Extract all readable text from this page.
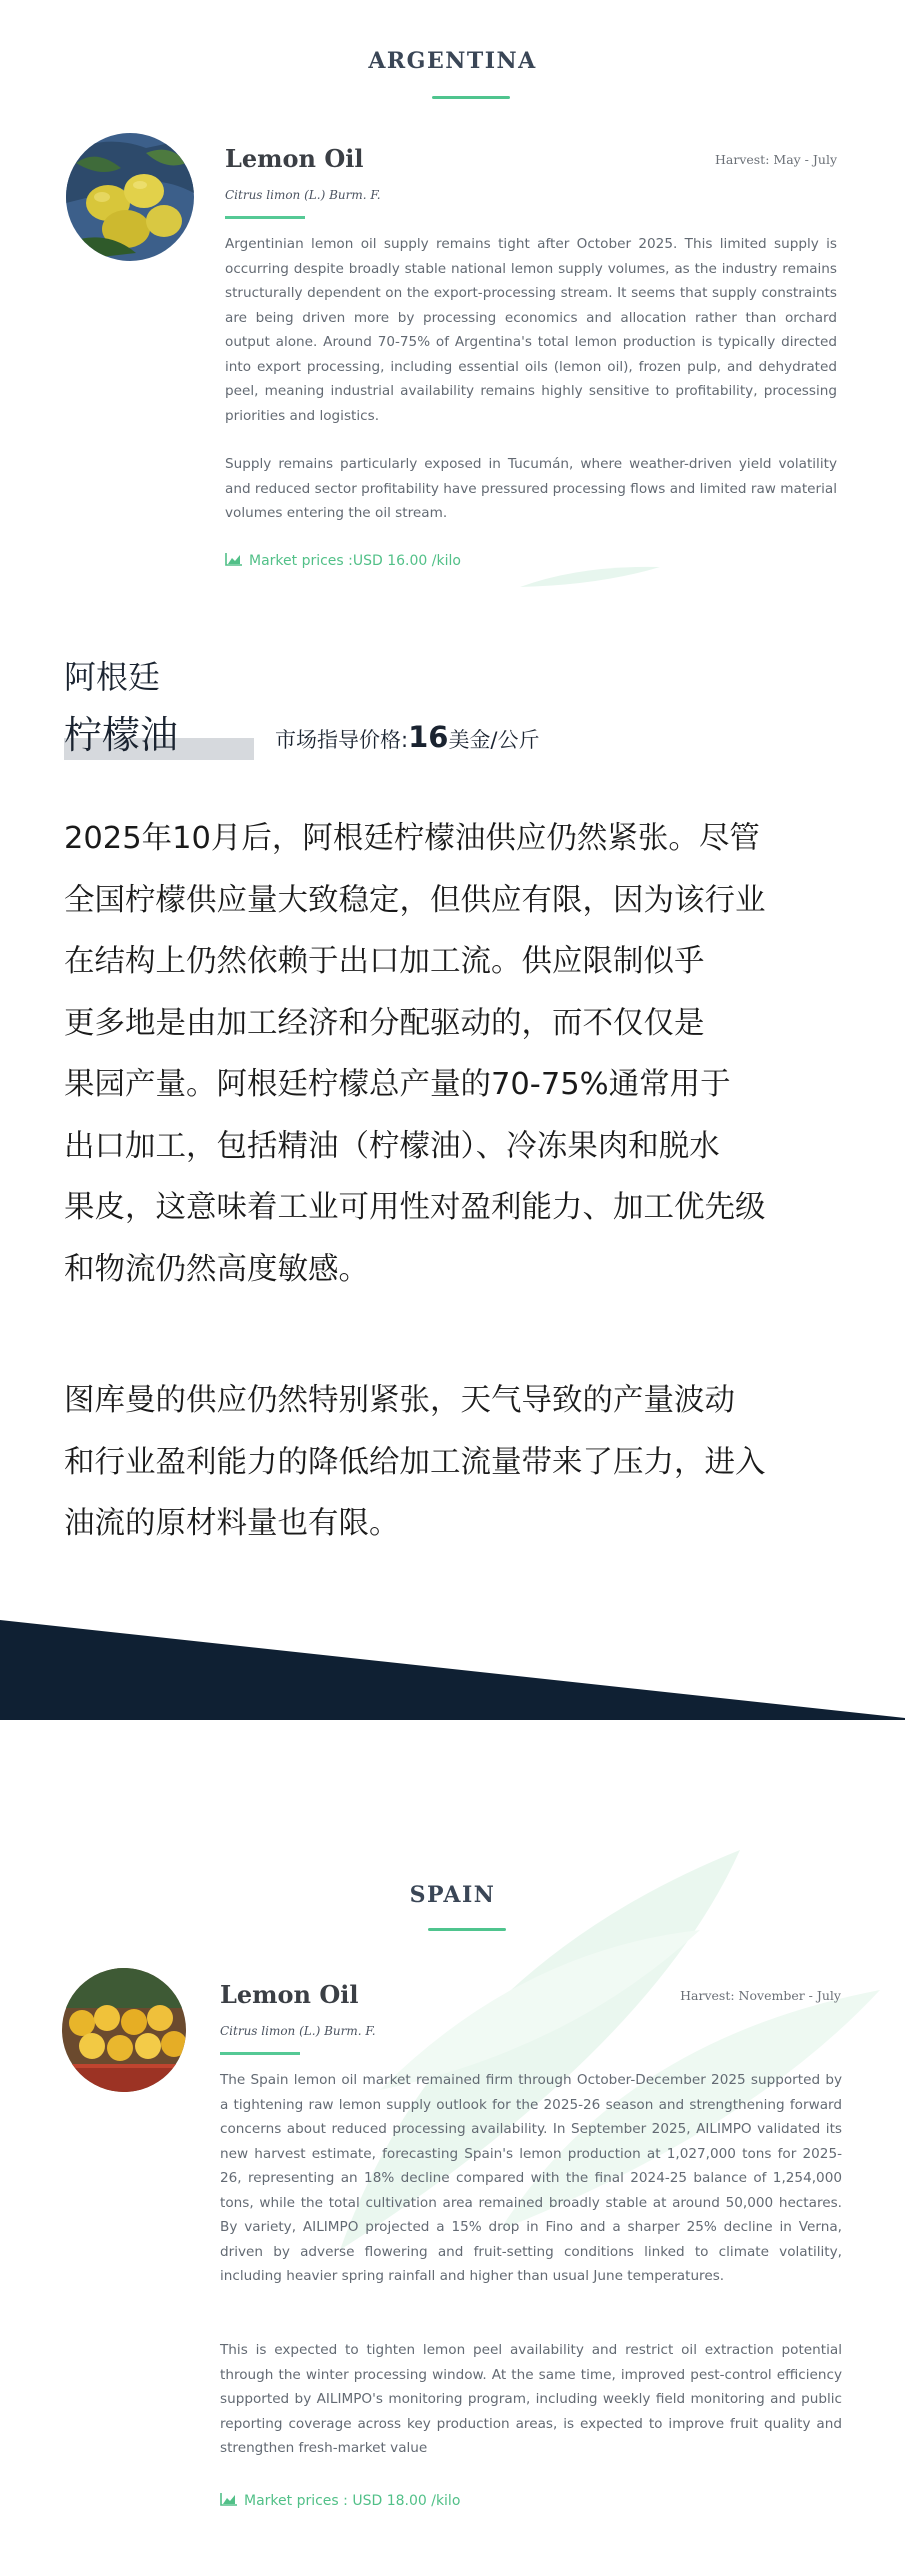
ARGENTINA
Lemon Oil	Harvest: May - July
Citrus limon (L.) Burm. F.
Argentinian lemon oil supply remains tight after October 2025. This limited supply is occurring despite broadly stable national lemon supply volumes, as the industry remains structurally dependent on the export-processing stream. It seems that supply constraints are being driven more by processing economics and allocation rather than orchard output alone. Around 70-75% of Argentina's total lemon production is typically directed into export processing, including essential oils (lemon oil), frozen pulp, and dehydrated peel, meaning industrial availability remains highly sensitive to profitability, processing priorities and logistics.
Supply remains particularly exposed in Tucumán, where weather-driven yield volatility and reduced sector profitability have pressured processing flows and limited raw material volumes entering the oil stream.
Market prices :USD 16.00 /kilo
阿根廷
柠檬油	市场指导价格: 16 美金/公斤
2025年10月后，阿根廷柠檬油供应仍然紧张。尽管
全国柠檬供应量大致稳定，但供应有限，因为该行业
在结构上仍然依赖于出口加工流。供应限制似乎
更多地是由加工经济和分配驱动的，而不仅仅是
果园产量。阿根廷柠檬总产量的70-75%通常用于
出口加工，包括精油（柠檬油）、冷冻果肉和脱水
果皮，这意味着工业可用性对盈利能力、加工优先级
和物流仍然高度敏感。
图库曼的供应仍然特别紧张，天气导致的产量波动
和行业盈利能力的降低给加工流量带来了压力，进入
油流的原材料量也有限。
SPAIN
Lemon Oil	Harvest: November - July
Citrus limon (L.) Burm. F.
The Spain lemon oil market remained firm through October-December 2025 supported by a tightening raw lemon supply outlook for the 2025-26 season and strengthening forward concerns about reduced processing availability. In September 2025, AILIMPO validated its new harvest estimate, forecasting Spain's lemon production at 1,027,000 tons for 2025-26, representing an 18% decline compared with the final 2024-25 balance of 1,254,000 tons, while the total cultivation area remained broadly stable at around 50,000 hectares. By variety, AILIMPO projected a 15% drop in Fino and a sharper 25% decline in Verna, driven by adverse flowering and fruit-setting conditions linked to climate volatility, including heavier spring rainfall and higher than usual June temperatures.
This is expected to tighten lemon peel availability and restrict oil extraction potential through the winter processing window. At the same time, improved pest-control efficiency supported by AILIMPO's monitoring program, including weekly field monitoring and public reporting coverage across key production areas, is expected to improve fruit quality and strengthen fresh-market value
Market prices : USD 18.00 /kilo
